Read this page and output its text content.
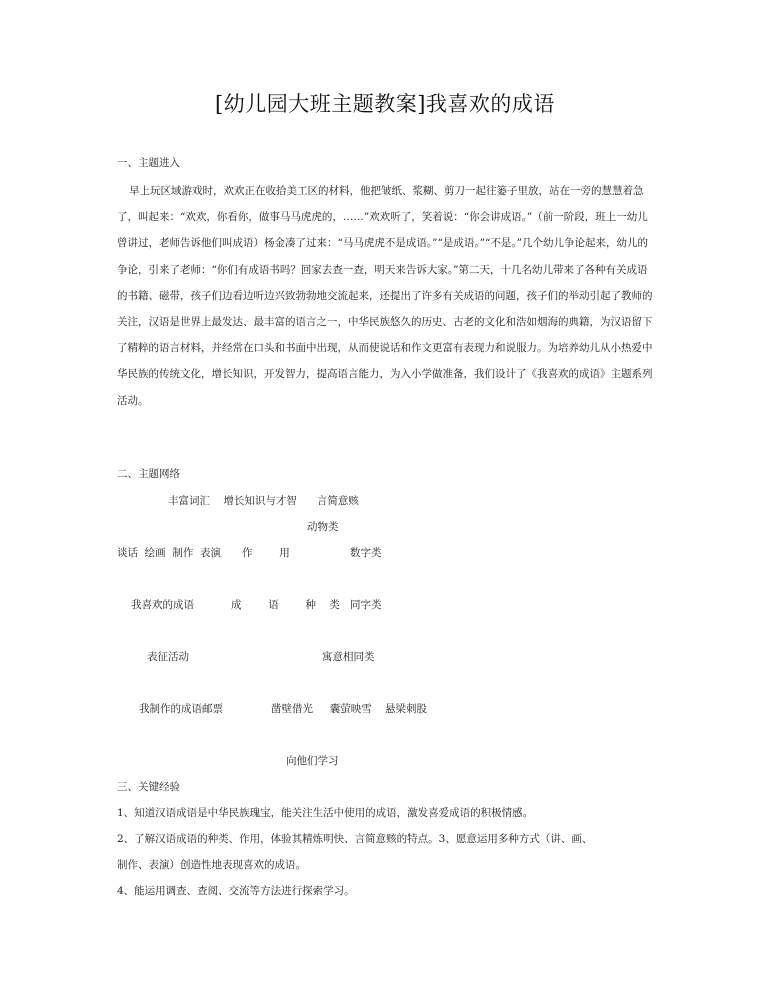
[幼儿园大班主题教案]我喜欢的成语
一、主题进入
早上玩区域游戏时，欢欢正在收拾美工区的材料，他把皱纸、浆糊、剪刀一起往篓子里放，站在一旁的慧慧着急了，叫起来：“欢欢，你看你，做事马马虎虎的，……”欢欢听了，笑着说：“你会讲成语。”（前一阶段，班上一幼儿曾讲过，老师告诉他们叫成语）杨金凑了过来：“马马虎虎不是成语。”“是成语。”“不是。”几个幼儿争论起来，幼儿的争论，引来了老师：“你们有成语书吗？回家去查一查，明天来告诉大家。”第二天，十几名幼儿带来了各种有关成语的书籍、磁带，孩子们边看边听边兴致勃勃地交流起来，还提出了许多有关成语的问题，孩子们的举动引起了教师的关注，汉语是世界上最发达、最丰富的语言之一，中华民族悠久的历史、古老的文化和浩如烟海的典籍，为汉语留下了精粹的语言材料，并经常在口头和书面中出现，从而使说话和作文更富有表现力和说服力。为培养幼儿从小热爱中华民族的传统文化，增长知识，开发智力，提高语言能力，为入小学做准备，我们设计了《我喜欢的成语》主题系列活动。
二、主题网络
丰富词汇    增长知识与才智      言简意赅
动物类
谈话  绘画  制作  表演 作        用	数字类
我喜欢的成语	成        语        种    类 同字类
表征活动	寓意相同类
我制作的成语邮票	凿壁借光     囊萤映雪    悬梁刺股
向他们学习
三、关键经验
1、知道汉语成语是中华民族瑰宝，能关注生活中使用的成语，激发喜爱成语的积极情感。
2、了解汉语成语的种类、作用，体验其精炼明快、言简意赅的特点。3、愿意运用多种方式（讲、画、
制作、表演）创造性地表现喜欢的成语。
4、能运用调查、查阅、交流等方法进行探索学习。
